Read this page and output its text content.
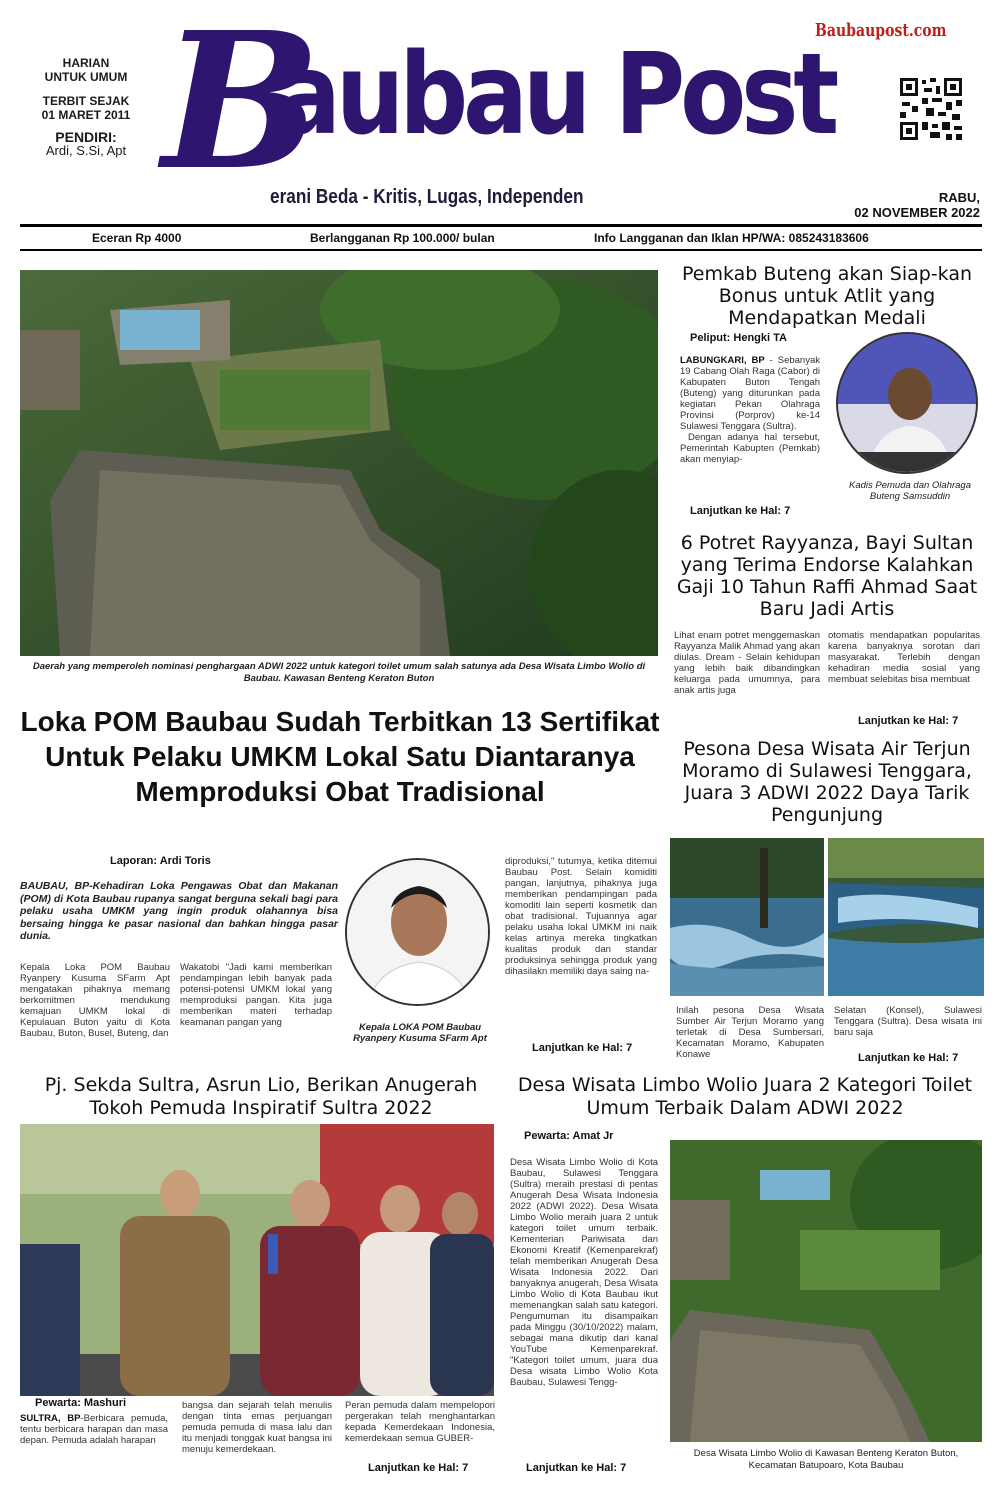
HARIAN
UNTUK UMUM
TERBIT SEJAK
01 MARET 2011
PENDIRI:
Ardi, S.Si, Apt B
aubau Post
erani Beda - Kritis, Lugas, Independen
Baubaupost.com
RABU,
02 NOVEMBER 2022
Eceran Rp 4000	Berlangganan Rp 100.000/ bulan	Info Langganan dan Iklan HP/WA: 085243183606
Daerah yang memperoleh nominasi penghargaan ADWI 2022 untuk kategori toilet umum salah satunya ada Desa Wisata Limbo Wolio di Baubau. Kawasan Benteng Keraton Buton
Pemkab Buteng akan Siap-kan Bonus untuk Atlit yang Mendapatkan Medali
Peliput: Hengki TA
LABUNGKARI, BP - Sebanyak 19 Cabang Olah Raga (Cabor) di Kabupaten Buton Tengah (Buteng) yang diturunkan pada kegiatan Pekan Olahraga Provinsi (Porprov) ke-14 Sulawesi Tenggara (Sultra).
Dengan adanya hal tersebut, Pemerintah Kabupten (Pemkab) akan menyiap-
Kadis Pemuda dan Olahraga Buteng Samsuddin
Lanjutkan ke Hal: 7
6 Potret Rayyanza, Bayi Sultan yang Terima Endorse Kalahkan Gaji 10 Tahun Raffi Ahmad Saat Baru Jadi Artis
Lihat enam potret menggemaskan Rayyanza Malik Ahmad yang akan diulas. Dream - Selain kehidupan yang lebih baik dibandingkan keluarga pada umumnya, para anak artis juga
otomatis mendapatkan popularitas karena banyaknya sorotan dari masyarakat. Terlebih dengan kehadiran media sosial yang membuat selebitas bisa membuat
Lanjutkan ke Hal: 7
Loka POM Baubau Sudah Terbitkan 13 Sertifikat Untuk Pelaku UMKM Lokal Satu Diantaranya Memproduksi Obat Tradisional
Laporan: Ardi Toris
BAUBAU, BP-Kehadiran Loka Pengawas Obat dan Makanan (POM) di Kota Baubau rupanya sangat berguna sekali bagi para pelaku usaha UMKM yang ingin produk olahannya bisa bersaing hingga ke pasar nasional dan bahkan hingga pasar dunia.
Kepala Loka POM Baubau Ryanpery Kusuma SFarm Apt mengatakan pihaknya memang berkomitmen mendukung kemajuan UMKM lokal di Kepulauan Buton yaitu di Kota Baubau, Buton, Busel, Buteng, dan
Wakatobi "Jadi kami memberikan pendampingan lebih banyak pada potensi-potensi UMKM lokal yang memproduksi pangan. Kita juga memberikan materi terhadap keamanan pangan yang	Kepala LOKA POM Baubau Ryanpery Kusuma SFarm Apt
diproduksi," tutumya, ketika ditemui Baubau Post. Selain komiditi pangan, lanjutnya, pihaknya juga memberikan pendampingan pada komoditi lain seperti kosmetik dan obat tradisional. Tujuannya agar pelaku usaha lokal UMKM ini naik kelas artinya mereka tingkatkan kualitas produk dan standar produksinya sehingga produk yang dihasilakn memiliki daya saing na-
Lanjutkan ke Hal: 7
Pesona Desa Wisata Air Terjun Moramo di Sulawesi Tenggara, Juara 3 ADWI 2022 Daya Tarik Pengunjung
Inilah pesona Desa Wisata Sumber Air Terjun Moramo yang terletak di Desa Sumbersari, Kecamatan Moramo, Kabupaten Konawe
Selatan (Konsel), Sulawesi Tenggara (Sultra). Desa wisata ini baru saja
Lanjutkan ke Hal: 7
Pj. Sekda Sultra, Asrun Lio, Berikan Anugerah Tokoh Pemuda Inspiratif Sultra 2022
Pewarta: Mashuri
SULTRA, BP-Berbicara pemuda, tentu berbicara harapan dan masa depan. Pemuda adalah harapan
bangsa dan sejarah telah menulis dengan tinta emas perjuangan pemuda pemuda di masa lalu dan itu menjadi tonggak kuat bangsa ini menuju kemerdekaan.
Peran pemuda dalam mempelopori pergerakan telah menghantarkan kepada Kemerdekaan Indonesia, kemerdekaan semua GUBER-
Lanjutkan ke Hal: 7
Desa Wisata Limbo Wolio Juara 2 Kategori Toilet Umum Terbaik Dalam ADWI 2022
Pewarta: Amat Jr
Desa Wisata Limbo Wolio di Kota Baubau, Sulawesi Tenggara (Sultra) meraih prestasi di pentas Anugerah Desa Wisata Indonesia 2022 (ADWI 2022). Desa Wisata Limbo Wolio meraih juara 2 untuk kategori toilet umum terbaik. Kementerian Pariwisata dan Ekonomi Kreatif (Kemenparekraf) telah memberikan Anugerah Desa Wisata Indonesia 2022. Dari banyaknya anugerah, Desa Wisata Limbo Wolio di Kota Baubau ikut memenangkan salah satu kategori. Pengumuman itu disampaikan pada Minggu (30/10/2022) malam, sebagai mana dikutip dari kanal YouTube Kemenparekraf. "Kategori toilet umum, juara dua Desa wisata Limbo Wolio Kota Baubau, Sulawesi Tengg-
Lanjutkan ke Hal: 7
Desa Wisata Limbo Wolio di Kawasan Benteng Keraton Buton, Kecamatan Batupoaro, Kota Baubau
